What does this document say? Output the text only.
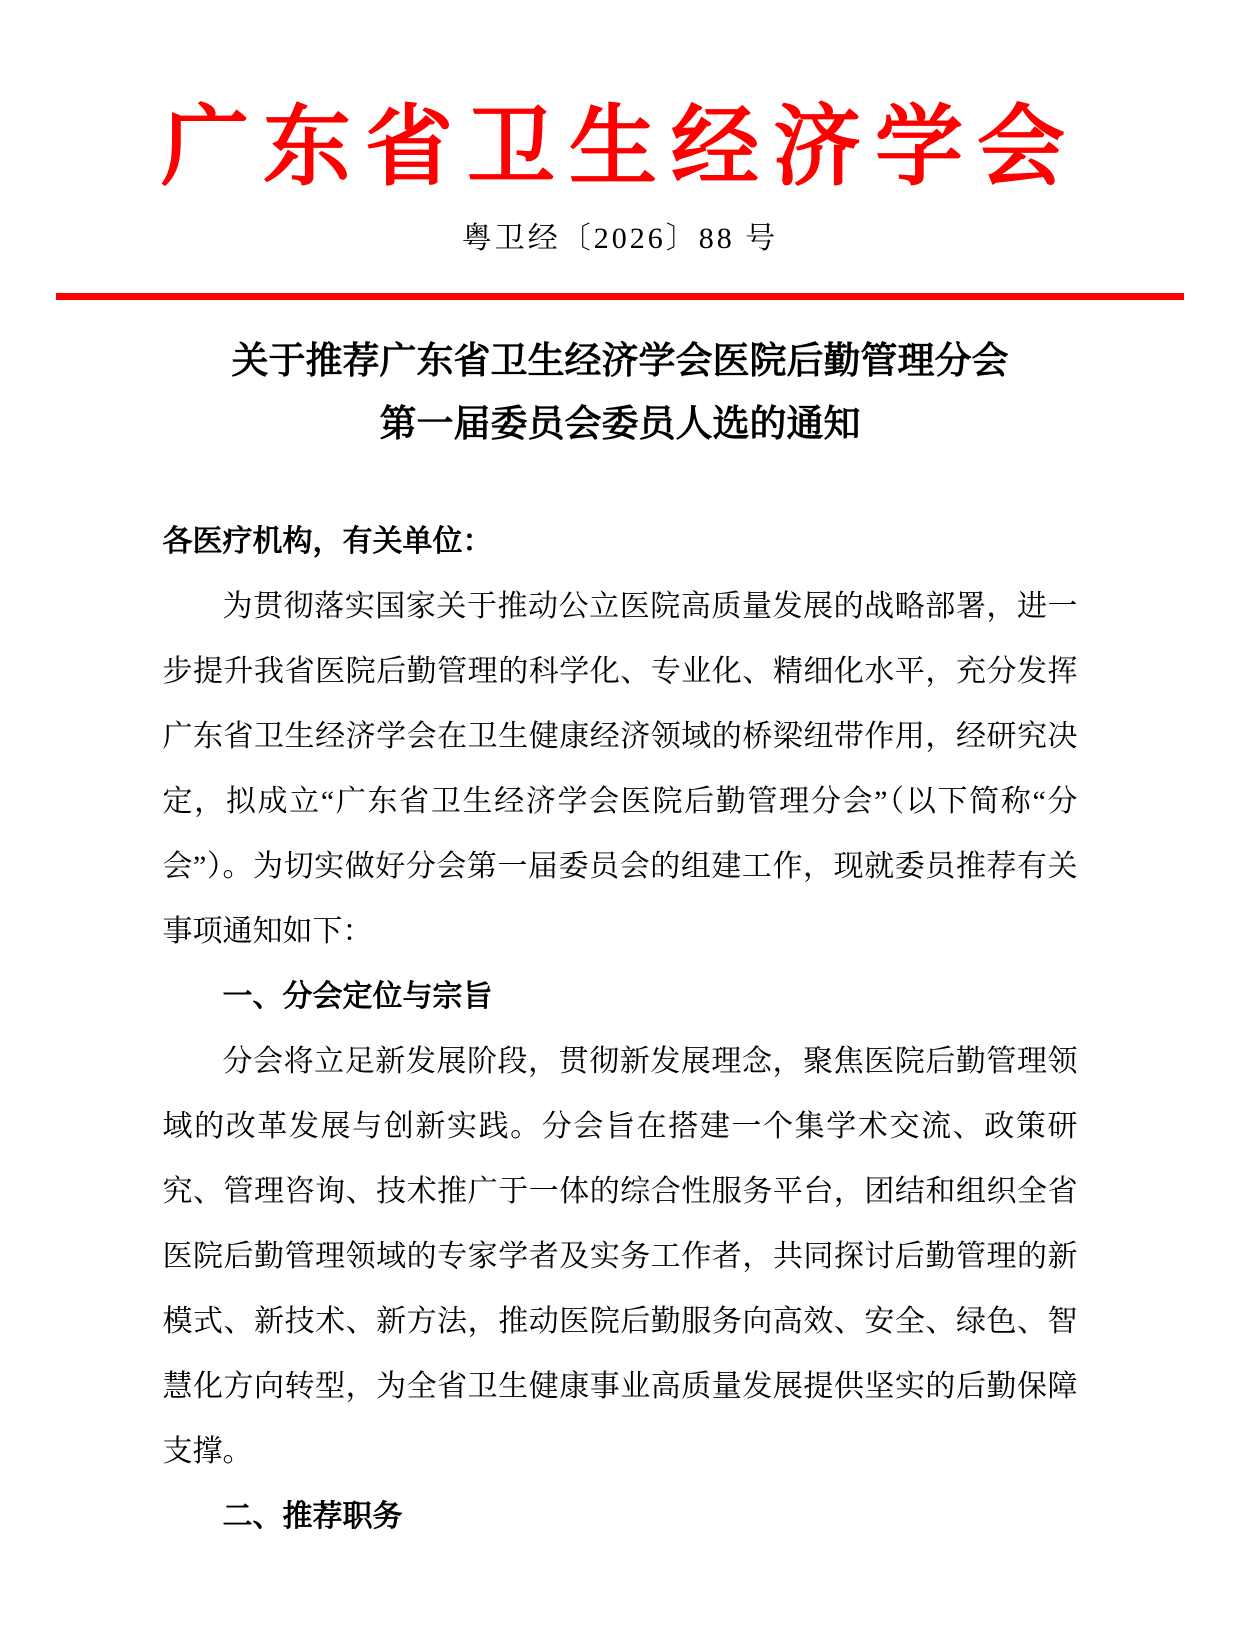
广东省卫生经济学会
粤卫经〔2026〕88 号
关于推荐广东省卫生经济学会医院后勤管理分会
第一届委员会委员人选的通知

各医疗机构，有关单位：

为贯彻落实国家关于推动公立医院高质量发展的战略部署，进一步提升我省医院后勤管理的科学化、专业化、精细化水平，充分发挥广东省卫生经济学会在卫生健康经济领域的桥梁纽带作用，经研究决定，拟成立“广东省卫生经济学会医院后勤管理分会”（以下简称“分会”）。为切实做好分会第一届委员会的组建工作，现就委员推荐有关事项通知如下：

一、分会定位与宗旨

分会将立足新发展阶段，贯彻新发展理念，聚焦医院后勤管理领域的改革发展与创新实践。分会旨在搭建一个集学术交流、政策研究、管理咨询、技术推广于一体的综合性服务平台，团结和组织全省医院后勤管理领域的专家学者及实务工作者，共同探讨后勤管理的新模式、新技术、新方法，推动医院后勤服务向高效、安全、绿色、智慧化方向转型，为全省卫生健康事业高质量发展提供坚实的后勤保障支撑。

二、推荐职务
